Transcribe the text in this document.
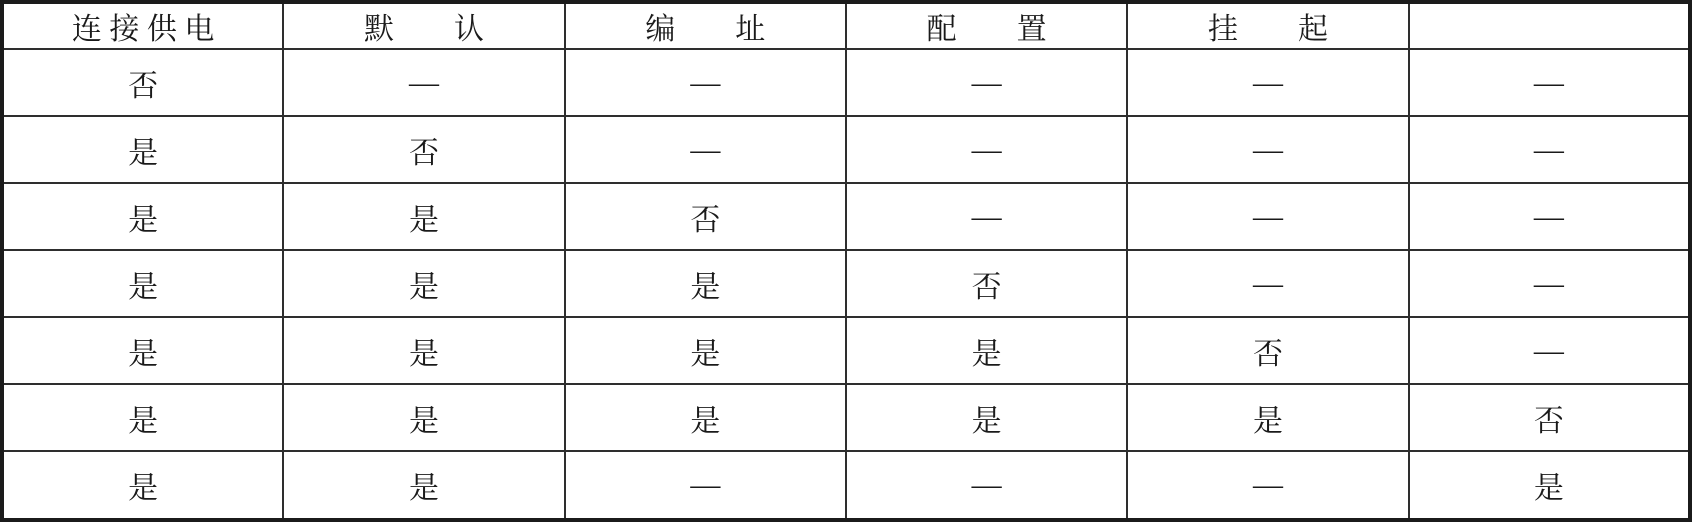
连 接 供 电	默　　认	编　　址	配　　置	挂　　起	
否	—	—	—	—	—
是	否	—	—	—	—
是	是	否	—	—	—
是	是	是	否	—	—
是	是	是	是	否	—
是	是	是	是	是	否
是	是	—	—	—	是
